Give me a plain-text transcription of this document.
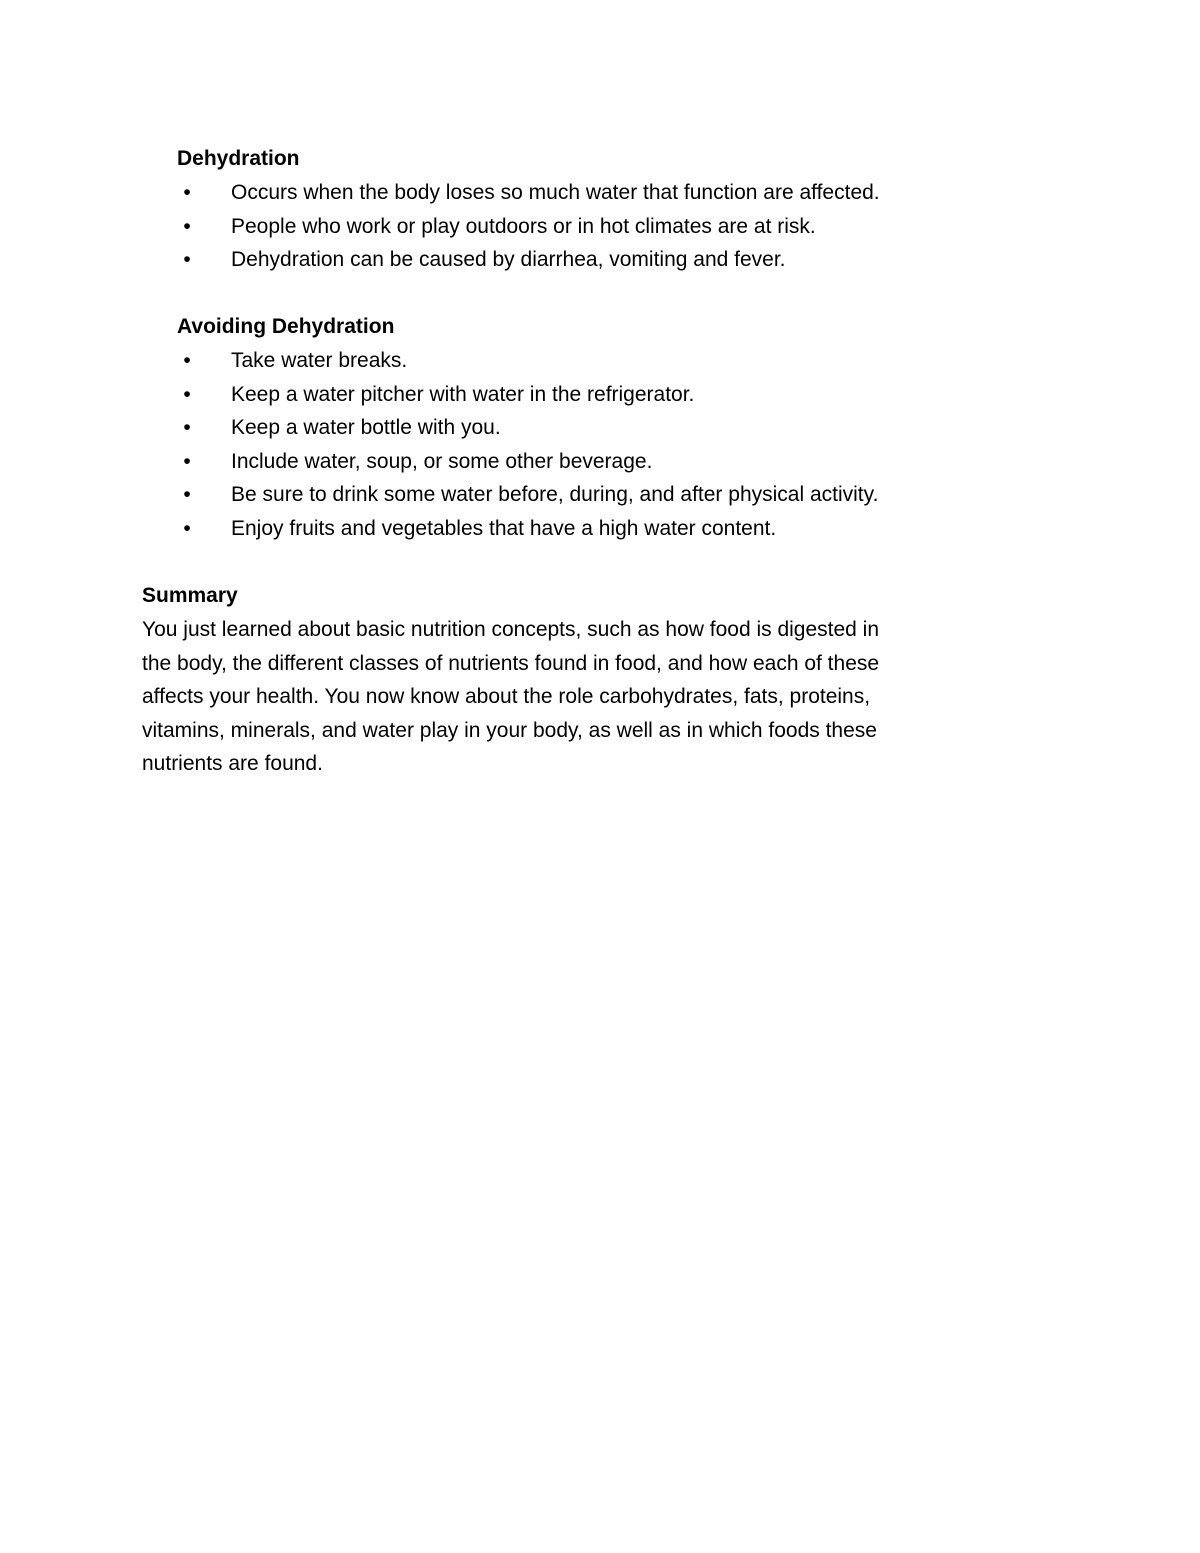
Dehydration
•	Occurs when the body loses so much water that function are affected.
•	People who work or play outdoors or in hot climates are at risk.
•	Dehydration can be caused by diarrhea, vomiting and fever.
Avoiding Dehydration
•	Take water breaks.
•	Keep a water pitcher with water in the refrigerator.
•	Keep a water bottle with you.
•	Include water, soup, or some other beverage.
•	Be sure to drink some water before, during, and after physical activity.
•	Enjoy fruits and vegetables that have a high water content.
Summary

You just learned about basic nutrition concepts, such as how food is digested in
the body, the different classes of nutrients found in food, and how each of these
affects your health. You now know about the role carbohydrates, fats, proteins,
vitamins, minerals, and water play in your body, as well as in which foods these
nutrients are found.
